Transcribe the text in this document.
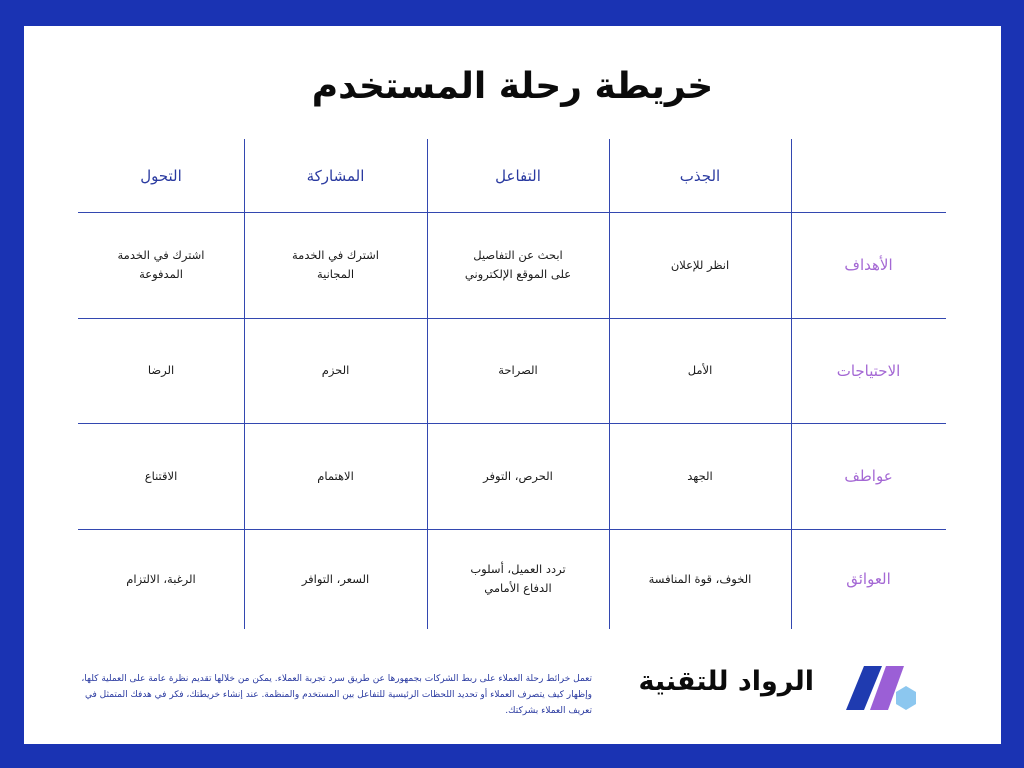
خريطة رحلة المستخدم
الجذب
التفاعل
المشاركة
التحول
الأهداف
انظر للإعلان
ابحث عن التفاصيل
على الموقع الإلكتروني
اشترك في الخدمة
المجانية
اشترك في الخدمة
المدفوعة
الاحتياجات
الأمل
الصراحة
الحزم
الرضا
عواطف
الجهد
الحرص، التوفر
الاهتمام
الاقتناع
العوائق
الخوف، قوة المنافسة
تردد العميل، أسلوب
الدفاع الأمامي
السعر، التوافر
الرغبة، الالتزام
تعمل خرائط رحلة العملاء على ربط الشركات بجمهورها عن طريق سرد تجربة العملاء. يمكن من خلالها تقديم نظرة عامة على العملية كلها، وإظهار كيف يتصرف العملاء أو تحديد اللحظات الرئيسية للتفاعل بين المستخدم والمنظمة. عند إنشاء خريطتك، فكر في هدفك المتمثل في تعريف العملاء بشركتك.
الرواد للتقنية
